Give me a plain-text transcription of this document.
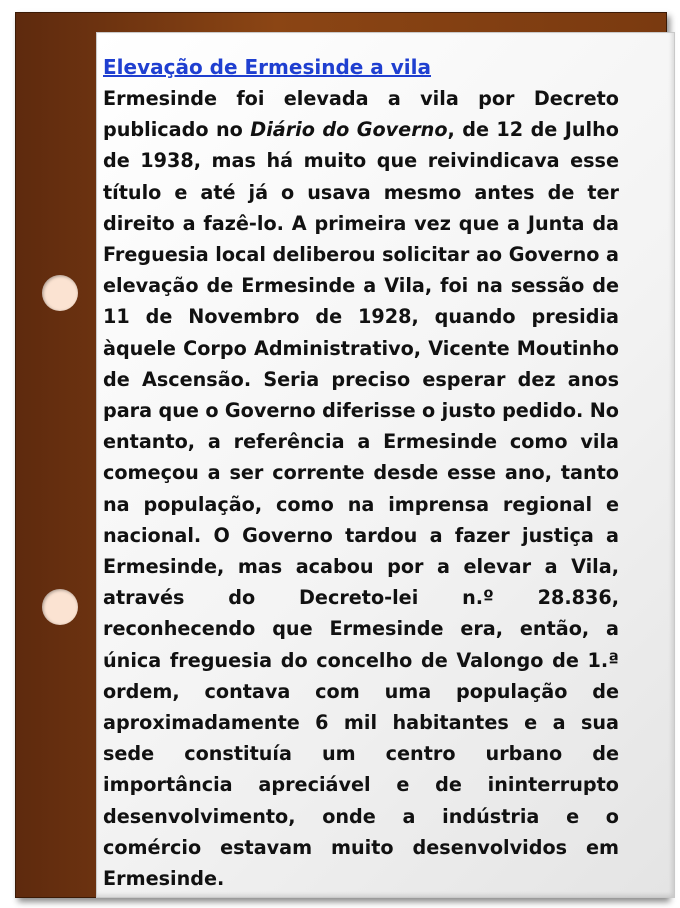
Elevação de Ermesinde a vila

Ermesinde foi elevada a vila por Decreto publicado no Diário do Governo, de 12 de Julho de 1938, mas há muito que reivindicava esse título e até já o usava mesmo antes de ter direito a fazê-lo. A primeira vez que a Junta da Freguesia local deliberou solicitar ao Governo a elevação de Ermesinde a Vila, foi na sessão de 11 de Novembro de 1928, quando presidia àquele Corpo Administrativo, Vicente Moutinho de Ascensão. Seria preciso esperar dez anos para que o Governo diferisse o justo pedido. No entanto, a referência a Ermesinde como vila começou a ser corrente desde esse ano, tanto na população, como na imprensa regional e nacional. O Governo tardou a fazer justiça a Ermesinde, mas acabou por a elevar a Vila, através do Decreto-lei n.º 28.836, reconhecendo que Ermesinde era, então, a única freguesia do concelho de Valongo de 1.ª ordem, contava com uma população de aproximadamente 6 mil habitantes e a sua sede constituía um centro urbano de importância apreciável e de ininterrupto desenvolvimento, onde a indústria e o comércio estavam muito desenvolvidos em Ermesinde.
